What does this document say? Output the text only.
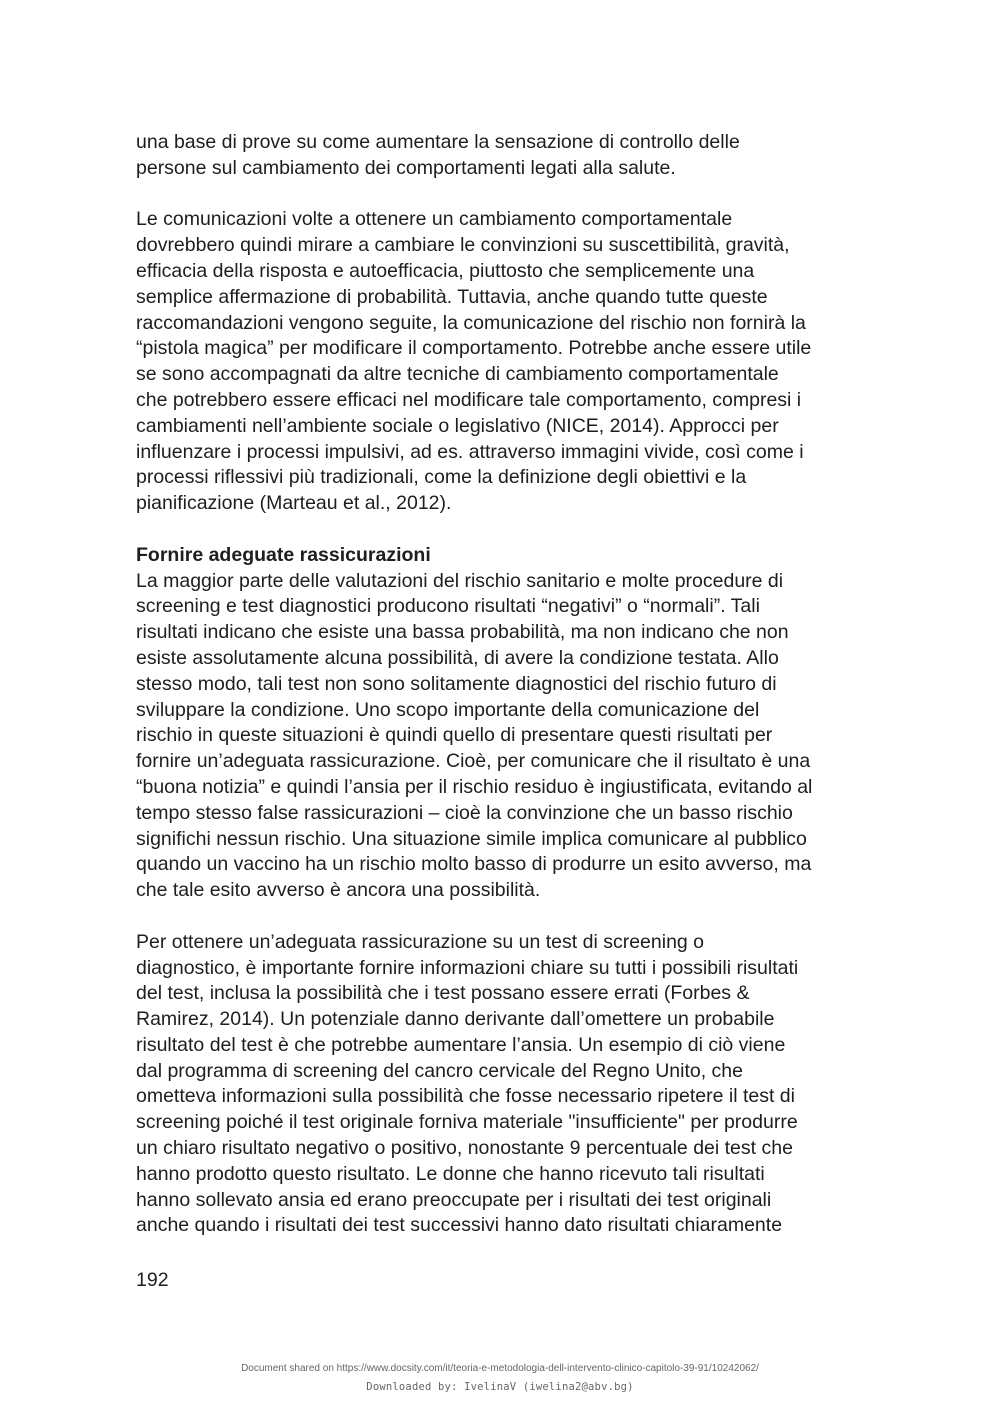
una base di prove su come aumentare la sensazione di controllo delle
persone sul cambiamento dei comportamenti legati alla salute.
Le comunicazioni volte a ottenere un cambiamento comportamentale
dovrebbero quindi mirare a cambiare le convinzioni su suscettibilità, gravità,
efficacia della risposta e autoefficacia, piuttosto che semplicemente una
semplice affermazione di probabilità. Tuttavia, anche quando tutte queste
raccomandazioni vengono seguite, la comunicazione del rischio non fornirà la
“pistola magica” per modificare il comportamento. Potrebbe anche essere utile
se sono accompagnati da altre tecniche di cambiamento comportamentale
che potrebbero essere efficaci nel modificare tale comportamento, compresi i
cambiamenti nell’ambiente sociale o legislativo (NICE, 2014). Approcci per
influenzare i processi impulsivi, ad es. attraverso immagini vivide, così come i
processi riflessivi più tradizionali, come la definizione degli obiettivi e la
pianificazione (Marteau et al., 2012).
Fornire adeguate rassicurazioni
La maggior parte delle valutazioni del rischio sanitario e molte procedure di
screening e test diagnostici producono risultati “negativi” o “normali”. Tali
risultati indicano che esiste una bassa probabilità, ma non indicano che non
esiste assolutamente alcuna possibilità, di avere la condizione testata. Allo
stesso modo, tali test non sono solitamente diagnostici del rischio futuro di
sviluppare la condizione. Uno scopo importante della comunicazione del
rischio in queste situazioni è quindi quello di presentare questi risultati per
fornire un’adeguata rassicurazione. Cioè, per comunicare che il risultato è una
“buona notizia” e quindi l’ansia per il rischio residuo è ingiustificata, evitando al
tempo stesso false rassicurazioni – cioè la convinzione che un basso rischio
significhi nessun rischio. Una situazione simile implica comunicare al pubblico
quando un vaccino ha un rischio molto basso di produrre un esito avverso, ma
che tale esito avverso è ancora una possibilità.
Per ottenere un’adeguata rassicurazione su un test di screening o
diagnostico, è importante fornire informazioni chiare su tutti i possibili risultati
del test, inclusa la possibilità che i test possano essere errati (Forbes &
Ramirez, 2014). Un potenziale danno derivante dall’omettere un probabile
risultato del test è che potrebbe aumentare l’ansia. Un esempio di ciò viene
dal programma di screening del cancro cervicale del Regno Unito, che
ometteva informazioni sulla possibilità che fosse necessario ripetere il test di
screening poiché il test originale forniva materiale "insufficiente" per produrre
un chiaro risultato negativo o positivo, nonostante 9 percentuale dei test che
hanno prodotto questo risultato. Le donne che hanno ricevuto tali risultati
hanno sollevato ansia ed erano preoccupate per i risultati dei test originali
anche quando i risultati dei test successivi hanno dato risultati chiaramente
192
Document shared on https://www.docsity.com/it/teoria-e-metodologia-dell-intervento-clinico-capitolo-39-91/10242062/
Downloaded by: IvelinaV (iwelina2@abv.bg)
